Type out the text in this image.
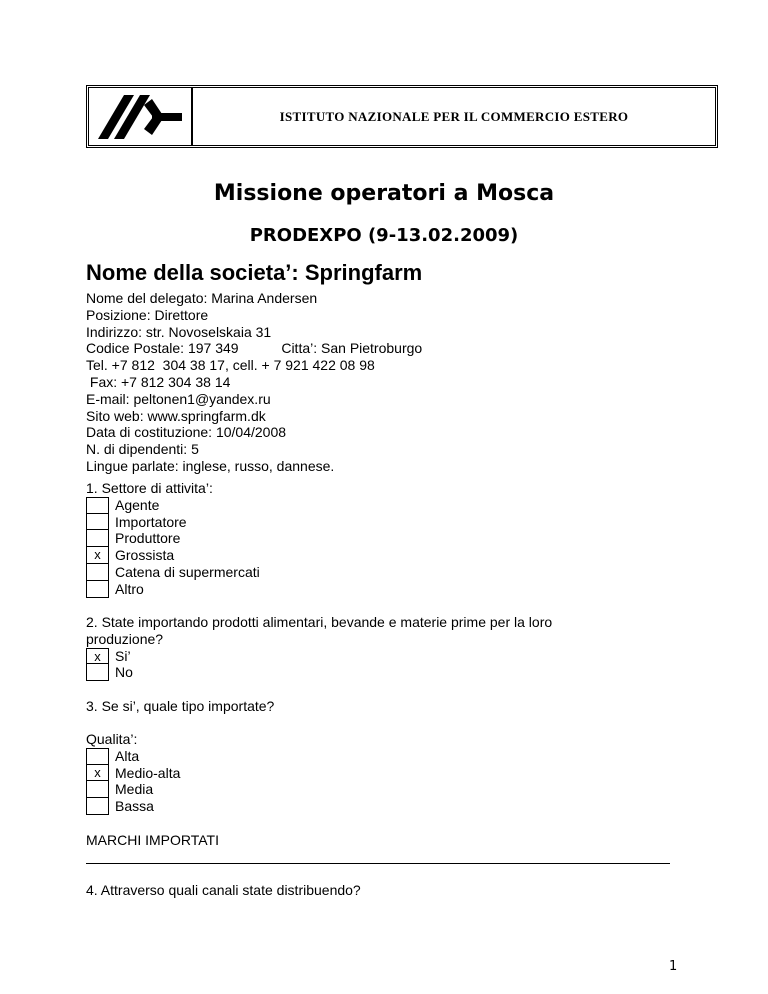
ISTITUTO NAZIONALE PER IL COMMERCIO ESTERO
Missione operatori a Mosca
PRODEXPO (9-13.02.2009)
Nome della societa’: Springfarm
Nome del delegato: Marina Andersen
Posizione: Direttore
Indirizzo: str. Novoselskaia 31
Codice Postale: 197 349           Citta’: San Pietroburgo
Tel. +7 812  304 38 17, cell. + 7 921 422 08 98
Fax: +7 812 304 38 14
E-mail: peltonen1@yandex.ru
Sito web: www.springfarm.dk
Data di costituzione: 10/04/2008
N. di dipendenti: 5
Lingue parlate: inglese, russo, dannese.
1. Settore di attivita’:
Agente
Importatore
Produttore
x	Grossista
Catena di supermercati
Altro
2. State importando prodotti alimentari, bevande e materie prime per la loro
produzione?
x	Si’
No
3. Se si’, quale tipo importate?
Qualita’:
Alta
x	Medio-alta
Media
Bassa
MARCHI IMPORTATI
4. Attraverso quali canali state distribuendo?
1
